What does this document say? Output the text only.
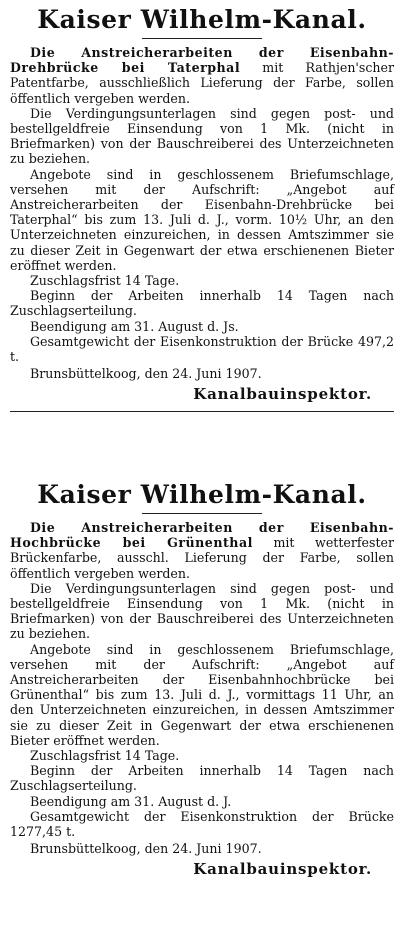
Kaiser Wilhelm-Kanal.

Die Anstreicherarbeiten der Eisenbahn-Drehbrücke bei Taterphal mit Rathjen'scher Patentfarbe, ausschließlich Lieferung der Farbe, sollen öffentlich vergeben werden.

Die Verdingungsunterlagen sind gegen post- und bestellgeldfreie Einsendung von 1 Mk. (nicht in Briefmarken) von der Bauschreiberei des Unterzeichneten zu beziehen.

Angebote sind in geschlossenem Briefumschlage, versehen mit der Aufschrift: „Angebot auf Anstreicherarbeiten der Eisenbahn-Drehbrücke bei Taterphal“ bis zum 13. Juli d. J., vorm. 10½ Uhr, an den Unterzeichneten einzureichen, in dessen Amtszimmer sie zu dieser Zeit in Gegenwart der etwa erschienenen Bieter eröffnet werden.

Zuschlagsfrist 14 Tage.

Beginn der Arbeiten innerhalb 14 Tagen nach Zuschlagserteilung.

Beendigung am 31. August d. Js.

Gesamtgewicht der Eisenkonstruktion der Brücke 497,2 t.

Brunsbüttelkoog, den 24. Juni 1907.
Kanalbauinspektor.
Kaiser Wilhelm-Kanal.

Die Anstreicherarbeiten der Eisenbahn-Hochbrücke bei Grünenthal mit wetterfester Brückenfarbe, ausschl. Lieferung der Farbe, sollen öffentlich vergeben werden.

Die Verdingungsunterlagen sind gegen post- und bestellgeldfreie Einsendung von 1 Mk. (nicht in Briefmarken) von der Bauschreiberei des Unterzeichneten zu beziehen.

Angebote sind in geschlossenem Briefumschlage, versehen mit der Aufschrift: „Angebot auf Anstreicherarbeiten der Eisenbahnhochbrücke bei Grünenthal“ bis zum 13. Juli d. J., vormittags 11 Uhr, an den Unterzeichneten einzureichen, in dessen Amtszimmer sie zu dieser Zeit in Gegenwart der etwa erschienenen Bieter eröffnet werden.

Zuschlagsfrist 14 Tage.

Beginn der Arbeiten innerhalb 14 Tagen nach Zuschlagserteilung.

Beendigung am 31. August d. J.

Gesamtgewicht der Eisenkonstruktion der Brücke 1277,45 t.

Brunsbüttelkoog, den 24. Juni 1907.
Kanalbauinspektor.
